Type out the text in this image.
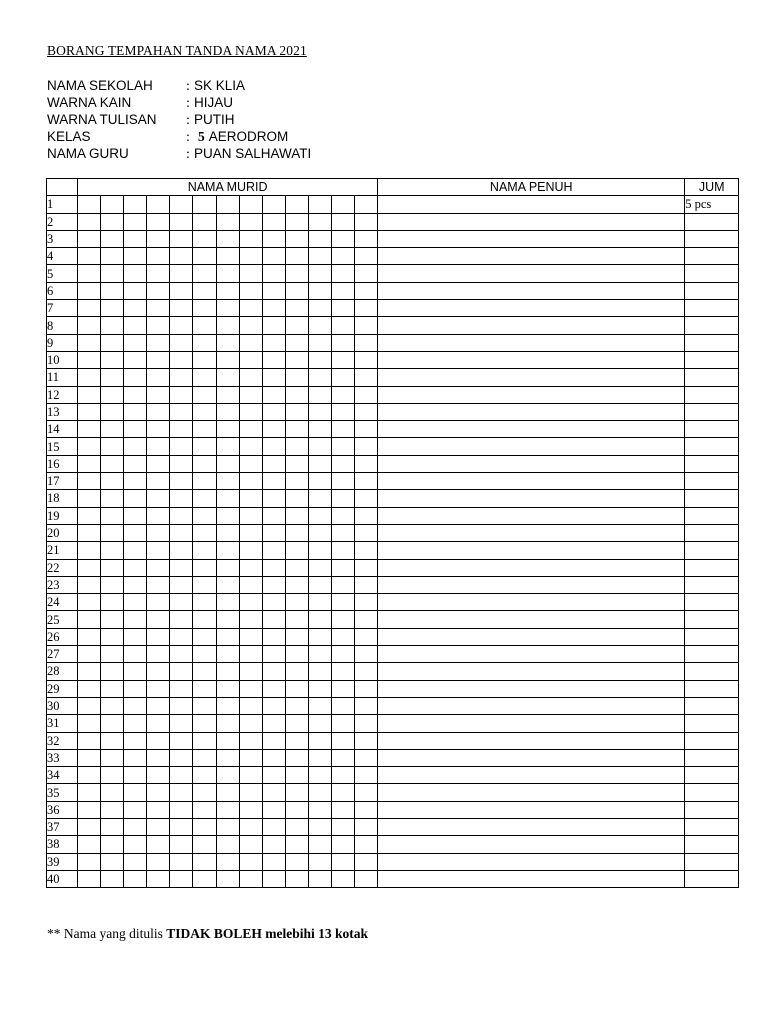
BORANG TEMPAHAN TANDA NAMA 2021
NAMA SEKOLAH : SK KLIA
WARNA KAIN	: HIJAU
WARNA TULISAN : PUTIH
KELAS	: 5 AERODROM
NAMA GURU	: PUAN SALHAWATI
	NAMA MURID													NAMA PENUH	JUM
1															5 pcs
2															
3															
4															
5															
6															
7															
8															
9															
10															
11															
12															
13															
14															
15															
16															
17															
18															
19															
20															
21															
22															
23															
24															
25															
26															
27															
28															
29															
30															
31															
32															
33															
34															
35															
36															
37															
38															
39															
40															
** Nama yang ditulis TIDAK BOLEH melebihi 13 kotak
